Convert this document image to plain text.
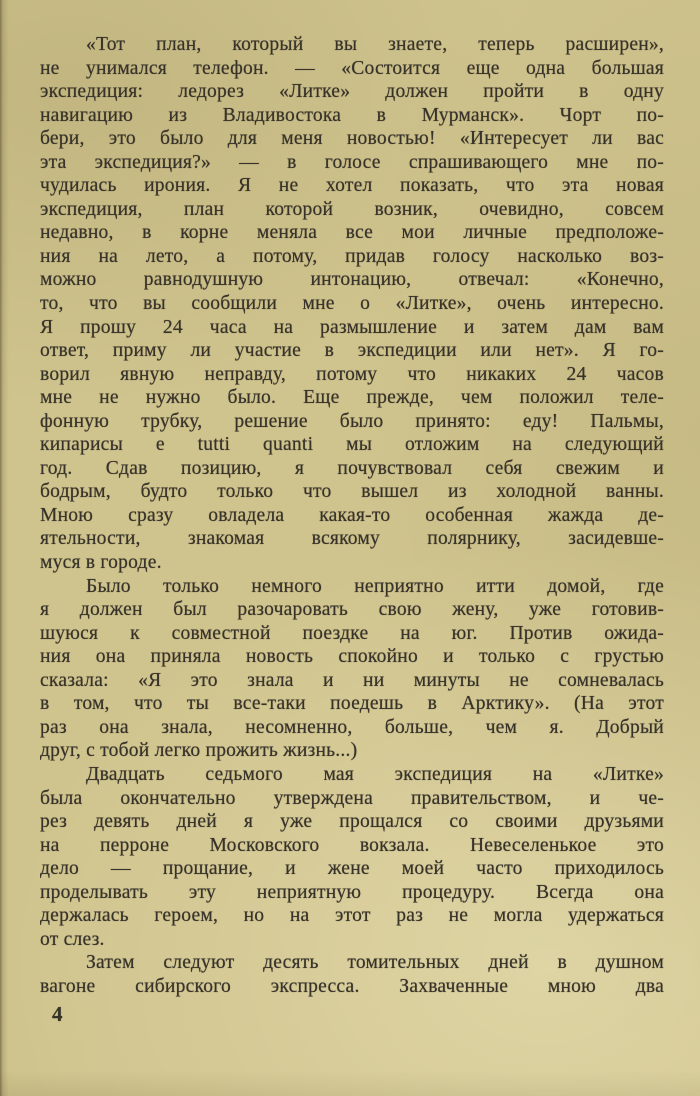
«Тот план, который вы знаете, теперь расширен»,
не унимался телефон. — «Состоится еще одна большая
экспедиция: ледорез «Литке» должен пройти в одну
навигацию из Владивостока в Мурманск». Чорт по-
бери, это было для меня новостью! «Интересует ли вас
эта экспедиция?» — в голосе спрашивающего мне по-
чудилась ирония. Я не хотел показать, что эта новая
экспедиция, план которой возник, очевидно, совсем
недавно, в корне меняла все мои личные предположе-
ния на лето, а потому, придав голосу насколько воз-
можно равнодушную интонацию, отвечал: «Конечно,
то, что вы сообщили мне о «Литке», очень интересно.
Я прошу 24 часа на размышление и затем дам вам
ответ, приму ли участие в экспедиции или нет». Я го-
ворил явную неправду, потому что никаких 24 часов
мне не нужно было. Еще прежде, чем положил теле-
фонную трубку, решение было принято: еду! Пальмы,
кипарисы е tutti quanti мы отложим на следующий
год. Сдав позицию, я почувствовал себя свежим и
бодрым, будто только что вышел из холодной ванны.
Мною сразу овладела какая-то особенная жажда де-
ятельности, знакомая всякому полярнику, засидевше-
муся в городе.
Было только немного неприятно итти домой, где
я должен был разочаровать свою жену, уже готовив-
шуюся к совместной поездке на юг. Против ожида-
ния она приняла новость спокойно и только с грустью
сказала: «Я это знала и ни минуты не сомневалась
в том, что ты все-таки поедешь в Арктику». (На этот
раз она знала, несомненно, больше, чем я. Добрый
друг, с тобой легко прожить жизнь...)
Двадцать седьмого мая экспедиция на «Литке»
была окончательно утверждена правительством, и че-
рез девять дней я уже прощался со своими друзьями
на перроне Московского вокзала. Невеселенькое это
дело — прощание, и жене моей часто приходилось
проделывать эту неприятную процедуру. Всегда она
держалась героем, но на этот раз не могла удержаться
от слез.
Затем следуют десять томительных дней в душном
вагоне сибирского экспресса. Захваченные мною два
4
